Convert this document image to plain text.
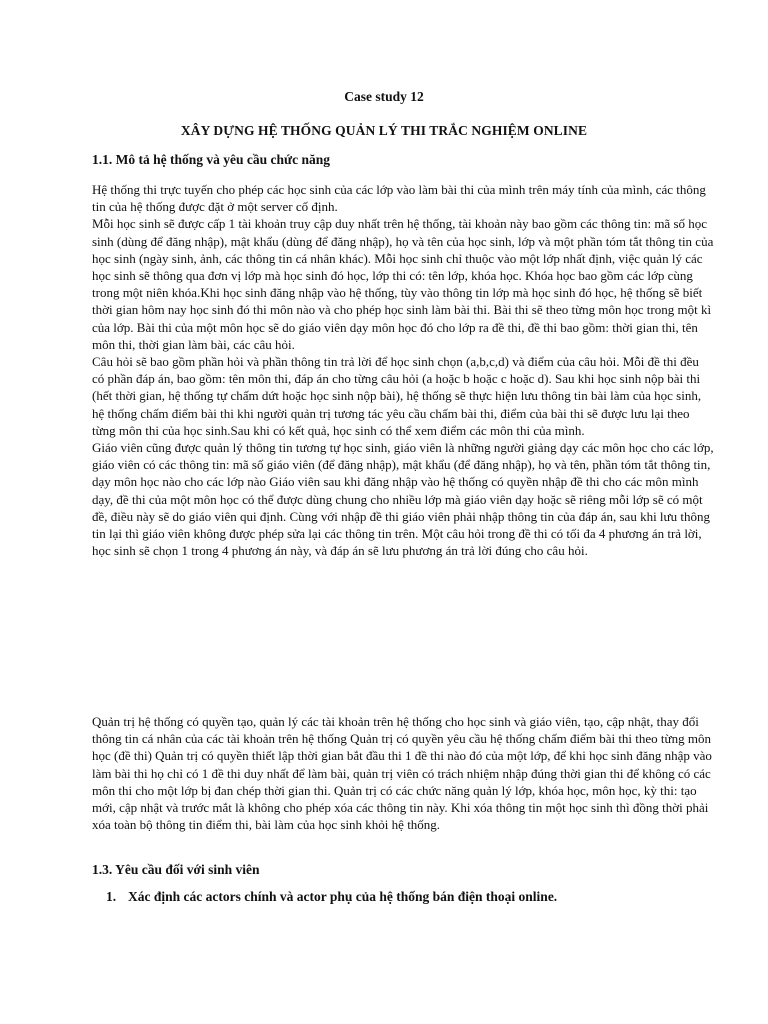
Case study 12
XÂY DỰNG HỆ THỐNG QUẢN LÝ THI TRẮC NGHIỆM ONLINE
1.1. Mô tả hệ thống và yêu cầu chức năng

Hệ thống thi trực tuyến cho phép các học sinh của các lớp vào làm bài thi của mình trên máy tính của mình, các thông tin của hệ thống được đặt ở một server cố định.

Mỗi học sinh sẽ được cấp 1 tài khoản truy cập duy nhất trên hệ thống, tài khoản này bao gồm các thông tin: mã số học sinh (dùng để đăng nhập), mật khẩu (dùng để đăng nhập), họ và tên của học sinh, lớp và một phần tóm tắt thông tin của học sinh (ngày sinh, ảnh, các thông tin cá nhân khác). Mỗi học sinh chỉ thuộc vào một lớp nhất định, việc quản lý các học sinh sẽ thông qua đơn vị lớp mà học sinh đó học, lớp thi có: tên lớp, khóa học. Khóa học bao gồm các lớp cùng trong một niên khóa.Khi học sinh đăng nhập vào hệ thống, tùy vào thông tin lớp mà học sinh đó học, hệ thống sẽ biết thời gian hôm nay học sinh đó thi môn nào và cho phép học sinh làm bài thi. Bài thi sẽ theo từng môn học trong một kì của lớp. Bài thi của một môn học sẽ do giáo viên dạy môn học đó cho lớp ra đề thi, đề thi bao gồm: thời gian thi, tên môn thi, thời gian làm bài, các câu hỏi.

Câu hỏi sẽ bao gồm phần hỏi và phần thông tin trả lời để học sinh chọn (a,b,c,d) và điểm của câu hỏi. Mỗi đề thi đều có phần đáp án, bao gồm: tên môn thi, đáp án cho từng câu hỏi (a hoặc b hoặc c hoặc d). Sau khi học sinh nộp bài thi (hết thời gian, hệ thống tự chấm dứt hoặc học sinh nộp bài), hệ thống sẽ thực hiện lưu thông tin bài làm của học sinh, hệ thống chấm điểm bài thi khi người quản trị tương tác yêu cầu chấm bài thi, điểm của bài thi sẽ được lưu lại theo từng môn thi của học sinh.Sau khi có kết quả, học sinh có thể xem điểm các môn thi của mình.

Giáo viên cũng được quản lý thông tin tương tự học sinh, giáo viên là những người giảng dạy các môn học cho các lớp, giáo viên có các thông tin: mã số giáo viên (để đăng nhập), mật khẩu (để đăng nhập), họ và tên, phần tóm tắt thông tin, dạy môn học nào cho các lớp nào Giáo viên sau khi đăng nhập vào hệ thống có quyền nhập đề thi cho các môn mình dạy, đề thi của một môn học có thể được dùng chung cho nhiều lớp mà giáo viên dạy hoặc sẽ riêng mỗi lớp sẽ có một đề, điều này sẽ do giáo viên qui định. Cùng với nhập đề thi giáo viên phải nhập thông tin của đáp án, sau khi lưu thông tin lại thì giáo viên không được phép sửa lại các thông tin trên. Một câu hỏi trong đề thi có tối đa 4 phương án trả lời, học sinh sẽ chọn 1 trong 4 phương án này, và đáp án sẽ lưu phương án trả lời đúng cho câu hỏi.

Quản trị hệ thống có quyền tạo, quản lý các tài khoản trên hệ thống cho học sinh và giáo viên, tạo, cập nhật, thay đổi thông tin cá nhân của các tài khoản trên hệ thống Quản trị có quyền yêu cầu hệ thống chấm điểm bài thi theo từng môn học (đề thi) Quản trị có quyền thiết lập thời gian bắt đầu thi 1 đề thi nào đó của một lớp, để khi học sinh đăng nhập vào làm bài thi họ chỉ có 1 đề thi duy nhất để làm bài, quản trị viên có trách nhiệm nhập đúng thời gian thi để không có các môn thi cho một lớp bị đan chép thời gian thi. Quản trị có các chức năng quản lý lớp, khóa học, môn học, kỳ thi: tạo mới, cập nhật và trước mắt là không cho phép xóa các thông tin này. Khi xóa thông tin một học sinh thì đồng thời phải xóa toàn bộ thông tin điểm thi, bài làm của học sinh khỏi hệ thống.

1.3. Yêu cầu đối với sinh viên
1. Xác định các actors chính và actor phụ của hệ thống bán điện thoại online.
